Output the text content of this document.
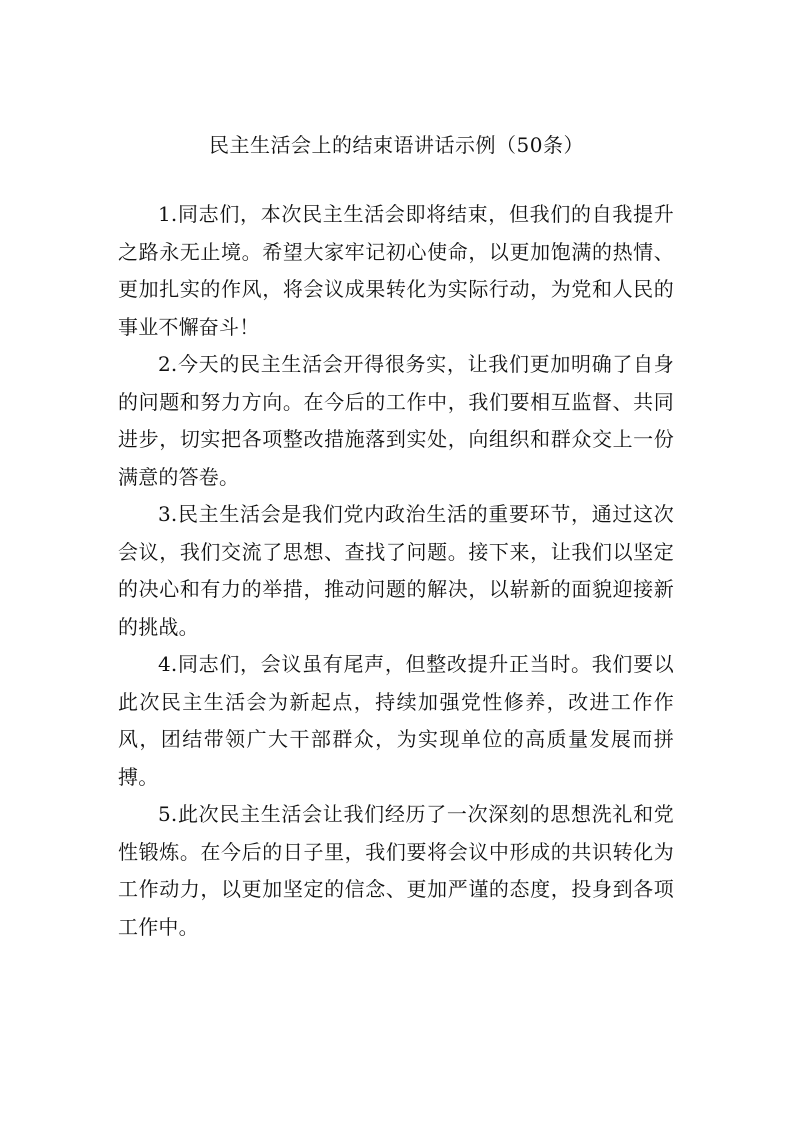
民主生活会上的结束语讲话示例（50条）

1.同志们，本次民主生活会即将结束，但我们的自我提升之路永无止境。希望大家牢记初心使命，以更加饱满的热情、更加扎实的作风，将会议成果转化为实际行动，为党和人民的事业不懈奋斗！

2.今天的民主生活会开得很务实，让我们更加明确了自身的问题和努力方向。在今后的工作中，我们要相互监督、共同进步，切实把各项整改措施落到实处，向组织和群众交上一份满意的答卷。

3.民主生活会是我们党内政治生活的重要环节，通过这次会议，我们交流了思想、查找了问题。接下来，让我们以坚定的决心和有力的举措，推动问题的解决，以崭新的面貌迎接新的挑战。

4.同志们，会议虽有尾声，但整改提升正当时。我们要以此次民主生活会为新起点，持续加强党性修养，改进工作作风，团结带领广大干部群众，为实现单位的高质量发展而拼搏。

5.此次民主生活会让我们经历了一次深刻的思想洗礼和党性锻炼。在今后的日子里，我们要将会议中形成的共识转化为工作动力，以更加坚定的信念、更加严谨的态度，投身到各项工作中。
